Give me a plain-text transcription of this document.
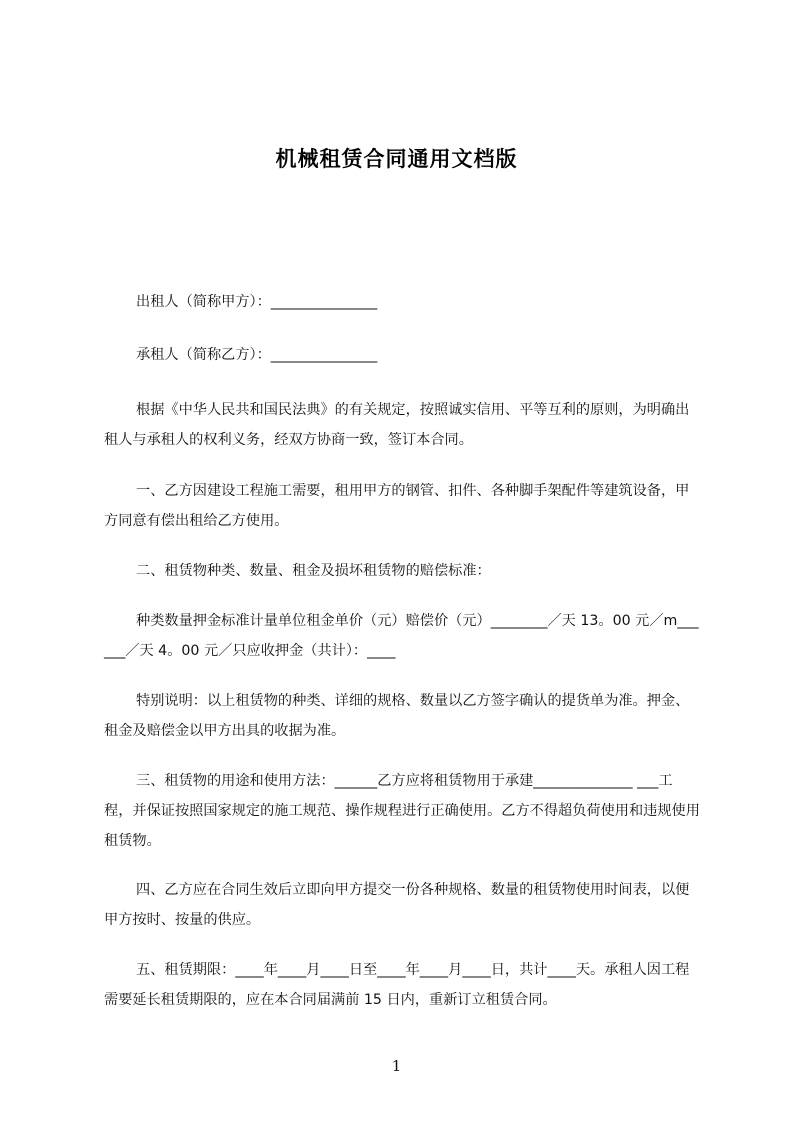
机械租赁合同通用文档版
出租人（简称甲方）：_______________
承租人（简称乙方）：_______________
根据《中华人民共和国民法典》的有关规定，按照诚实信用、平等互利的原则，为明确出租人与承租人的权利义务，经双方协商一致，签订本合同。
一、乙方因建设工程施工需要，租用甲方的钢管、扣件、各种脚手架配件等建筑设备，甲方同意有偿出租给乙方使用。
二、租赁物种类、数量、租金及损坏租赁物的赔偿标准：
种类数量押金标准计量单位租金单价（元）赔偿价（元）________／天 13。00 元／m______／天 4。00 元／只应收押金（共计）：____
特别说明：以上租赁物的种类、详细的规格、数量以乙方签字确认的提货单为准。押金、租金及赔偿金以甲方出具的收据为准。
三、租赁物的用途和使用方法：______乙方应将租赁物用于承建______________ ___工程，并保证按照国家规定的施工规范、操作规程进行正确使用。乙方不得超负荷使用和违规使用租赁物。
四、乙方应在合同生效后立即向甲方提交一份各种规格、数量的租赁物使用时间表，以便甲方按时、按量的供应。
五、租赁期限：____年____月____日至____年____月____日，共计____天。承租人因工程需要延长租赁期限的，应在本合同届满前 15 日内，重新订立租赁合同。
1
